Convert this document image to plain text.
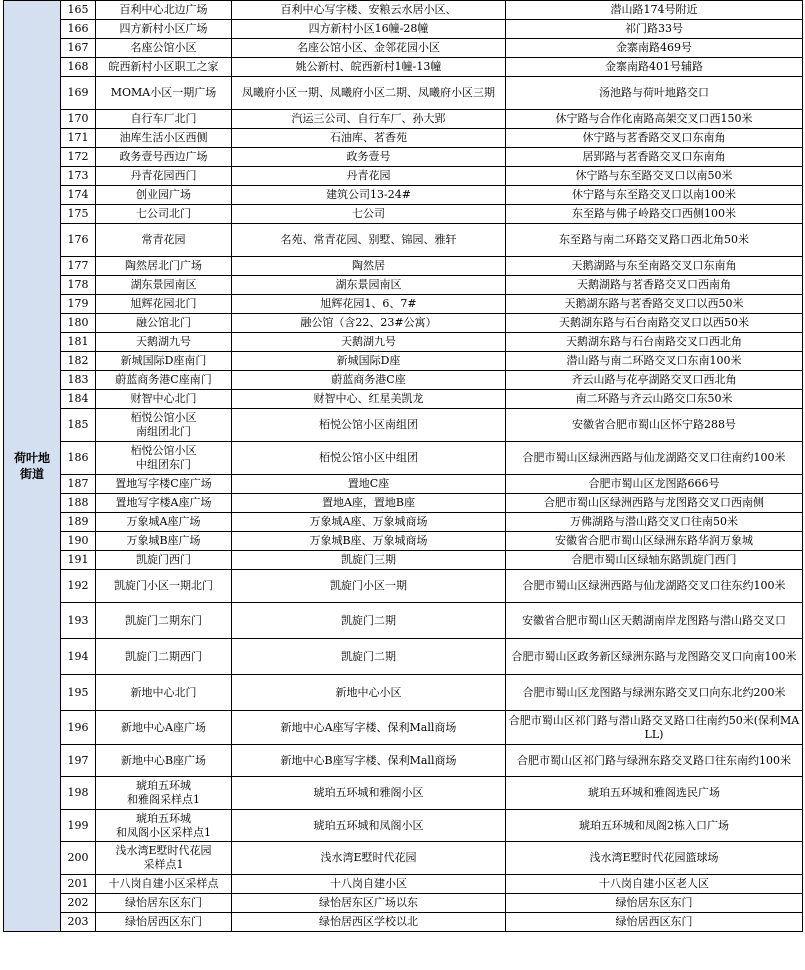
荷叶地
街道	165	百利中心北边广场	百利中心写字楼、安粮云水居小区、	潜山路174号附近
	166	四方新村小区广场	四方新村小区16幢-28幢	祁门路33号
	167	名座公馆小区	名座公馆小区、金邻花园小区	金寨南路469号
	168	皖西新村小区职工之家	姚公新村、皖西新村1幢-13幢	金寨南路401号辅路
	169	MOMA小区一期广场	凤曦府小区一期、凤曦府小区二期、凤曦府小区三期	汤池路与荷叶地路交口
	170	自行车厂北门	汽运三公司、自行车厂、孙大郢	休宁路与合作化南路高架交叉口西150米
	171	油库生活小区西侧	石油库、茗香苑	休宁路与茗香路交叉口东南角
	172	政务壹号西边广场	政务壹号	居郢路与茗香路交叉口东南角
	173	丹青花园西门	丹青花园	休宁路与东至路交叉口以南50米
	174	创业园广场	建筑公司13-24#	休宁路与东至路交叉口以南100米
	175	七公司北门	七公司	东至路与佛子岭路交口西侧100米
	176	常青花园	名苑、常青花园、别墅、锦园、雅轩	东至路与南二环路交叉路口西北角50米
	177	陶然居北门广场	陶然居	天鹅湖路与东至南路交叉口东南角
	178	湖东景园南区	湖东景园南区	天鹅湖路与茗香路交叉口西南角
	179	旭辉花园北门	旭辉花园1、6、7#	天鹅湖东路与茗香路交叉口以西50米
	180	融公馆北门	融公馆（含22、23#公寓）	天鹅湖东路与石台南路交叉口以西50米
	181	天鹅湖九号	天鹅湖九号	天鹅湖东路与石台南路交叉口西北角
	182	新城国际D座南门	新城国际D座	潜山路与南二环路交叉口东南100米
	183	蔚蓝商务港C座南门	蔚蓝商务港C座	齐云山路与花亭湖路交叉口西北角
	184	财智中心北门	财智中心、红星美凯龙	南二环路与齐云山路交口东50米
	185	栢悦公馆小区
南组团北门	栢悦公馆小区南组团	安徽省合肥市蜀山区怀宁路288号
	186	栢悦公馆小区
中组团东门	栢悦公馆小区中组团	合肥市蜀山区绿洲西路与仙龙湖路交叉口往南约100米
	187	置地写字楼C座广场	置地C座	合肥市蜀山区龙图路666号
	188	置地写字楼A座广场	置地A座，置地B座	合肥市蜀山区绿洲西路与龙图路交叉口西南侧
	189	万象城A座广场	万象城A座、万象城商场	万佛湖路与潜山路交叉口往南50米
	190	万象城B座广场	万象城B座、万象城商场	安徽省合肥市蜀山区绿洲东路华润万象城
	191	凯旋门西门	凯旋门三期	合肥市蜀山区绿轴东路凯旋门西门
	192	凯旋门小区一期北门	凯旋门小区一期	合肥市蜀山区绿洲西路与仙龙湖路交叉口往东约100米
	193	凯旋门二期东门	凯旋门二期	安徽省合肥市蜀山区天鹅湖南岸龙图路与潜山路交叉口
	194	凯旋门二期西门	凯旋门二期	合肥市蜀山区政务新区绿洲东路与龙图路交叉口向南100米
	195	新地中心北门	新地中心小区	合肥市蜀山区龙图路与绿洲东路交叉口向东北约200米
	196	新地中心A座广场	新地中心A座写字楼、保利Mall商场	合肥市蜀山区祁门路与潜山路交叉路口往南约50米(保利MALL)
	197	新地中心B座广场	新地中心B座写字楼、保利Mall商场	合肥市蜀山区祁门路与绿洲东路交叉路口往东南约100米
	198	琥珀五环城
和雅阁采样点1	琥珀五环城和雅阁小区	琥珀五环城和雅阁选民广场
	199	琥珀五环城
和凤阁小区采样点1	琥珀五环城和凤阁小区	琥珀五环城和凤阁2栋入口广场
	200	浅水湾E墅时代花园
采样点1	浅水湾E墅时代花园	浅水湾E墅时代花园篮球场
	201	十八岗自建小区采样点	十八岗自建小区	十八岗自建小区老人区
	202	绿怡居东区东门	绿怡居东区广场以东	绿怡居东区东门
	203	绿怡居西区东门	绿怡居西区学校以北	绿怡居西区东门
